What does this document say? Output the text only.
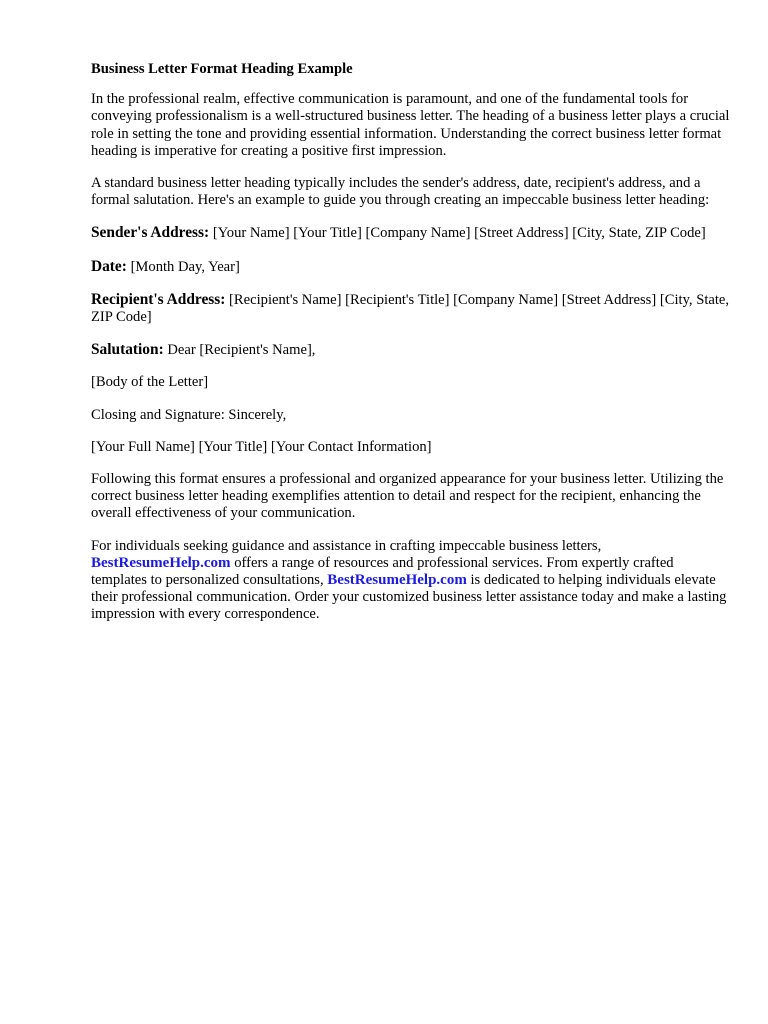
Business Letter Format Heading Example

In the professional realm, effective communication is paramount, and one of the fundamental tools for conveying professionalism is a well-structured business letter. The heading of a business letter plays a crucial role in setting the tone and providing essential information. Understanding the correct business letter format heading is imperative for creating a positive first impression.

A standard business letter heading typically includes the sender's address, date, recipient's address, and a formal salutation. Here's an example to guide you through creating an impeccable business letter heading:

Sender's Address: [Your Name] [Your Title] [Company Name] [Street Address] [City, State, ZIP Code]

Date: [Month Day, Year]

Recipient's Address: [Recipient's Name] [Recipient's Title] [Company Name] [Street Address] [City, State, ZIP Code]

Salutation: Dear [Recipient's Name],

[Body of the Letter]

Closing and Signature: Sincerely,

[Your Full Name] [Your Title] [Your Contact Information]

Following this format ensures a professional and organized appearance for your business letter. Utilizing the correct business letter heading exemplifies attention to detail and respect for the recipient, enhancing the overall effectiveness of your communication.

For individuals seeking guidance and assistance in crafting impeccable business letters, BestResumeHelp.com offers a range of resources and professional services. From expertly crafted templates to personalized consultations, BestResumeHelp.com is dedicated to helping individuals elevate their professional communication. Order your customized business letter assistance today and make a lasting impression with every correspondence.
